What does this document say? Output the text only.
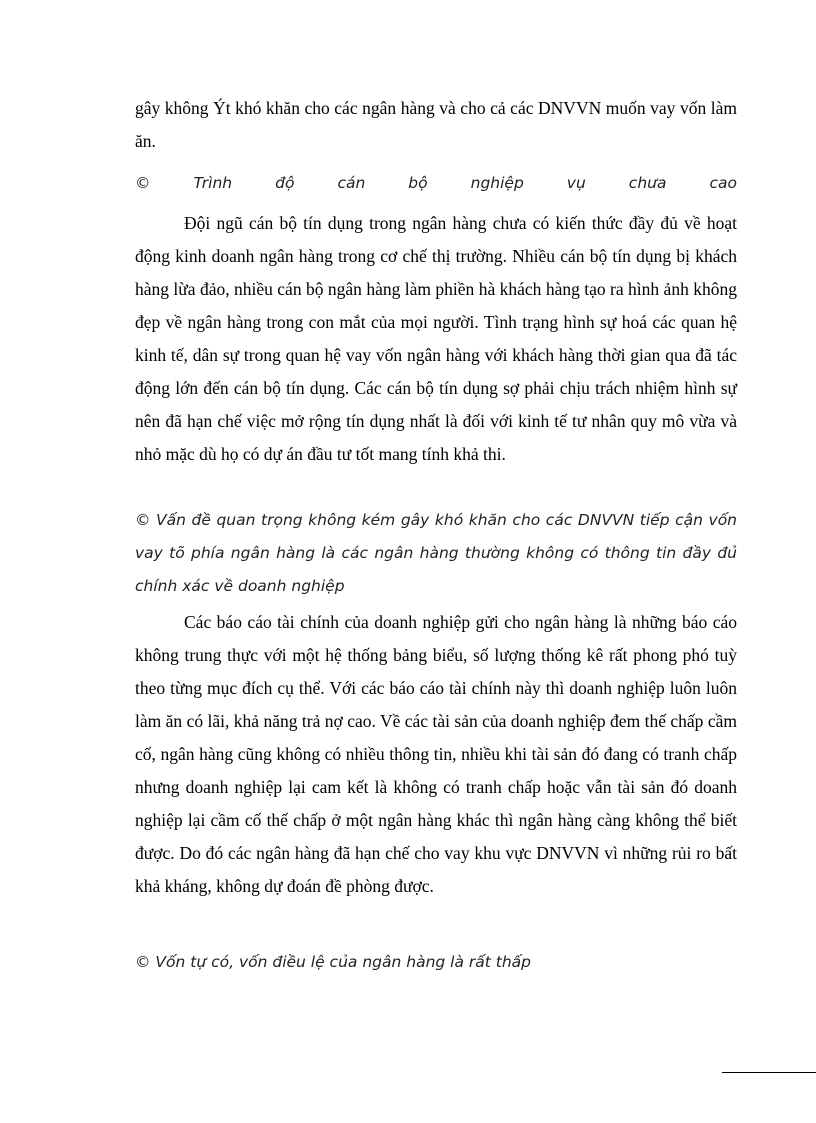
gây không Ýt khó khăn cho các ngân hàng và cho cả các DNVVN muốn vay vốn làm ăn.

© Trình độ cán bộ nghiệp vụ chưa cao

Đội ngũ cán bộ tín dụng trong ngân hàng chưa có kiến thức đầy đủ về hoạt động kinh doanh ngân hàng trong cơ chế thị trường. Nhiều cán bộ tín dụng bị khách hàng lừa đảo, nhiều cán bộ ngân hàng làm phiền hà khách hàng tạo ra hình ảnh không đẹp về ngân hàng trong con mắt của mọi người. Tình trạng hình sự hoá các quan hệ kinh tế, dân sự trong quan hệ vay vốn ngân hàng với khách hàng thời gian qua đã tác động lớn đến cán bộ tín dụng. Các cán bộ tín dụng sợ phải chịu trách nhiệm hình sự nên đã hạn chế việc mở rộng tín dụng nhất là đối với kinh tế tư nhân quy mô vừa và nhỏ mặc dù họ có dự án đầu tư tốt mang tính khả thi.

© Vấn đề quan trọng không kém gây khó khăn cho các DNVVN tiếp cận vốn vay tõ phía ngân hàng là các ngân hàng thường không có thông tin đầy đủ chính xác về doanh nghiệp

Các báo cáo tài chính của doanh nghiệp gửi cho ngân hàng là những báo cáo không trung thực với một hệ thống bảng biểu, số lượng thống kê rất phong phó tuỳ theo từng mục đích cụ thể. Với các báo cáo tài chính này thì doanh nghiệp luôn luôn làm ăn có lãi, khả năng trả nợ cao. Về các tài sản của doanh nghiệp đem thế chấp cầm cố, ngân hàng cũng không có nhiều thông tin, nhiều khi tài sản đó đang có tranh chấp nhưng doanh nghiệp lại cam kết là không có tranh chấp hoặc vẫn tài sản đó doanh nghiệp lại cầm cố thế chấp ở một ngân hàng khác thì ngân hàng càng không thể biết được. Do đó các ngân hàng đã hạn chế cho vay khu vực DNVVN vì những rủi ro bất khả kháng, không dự đoán đề phòng được.

© Vốn tự có, vốn điều lệ của ngân hàng là rất thấp
